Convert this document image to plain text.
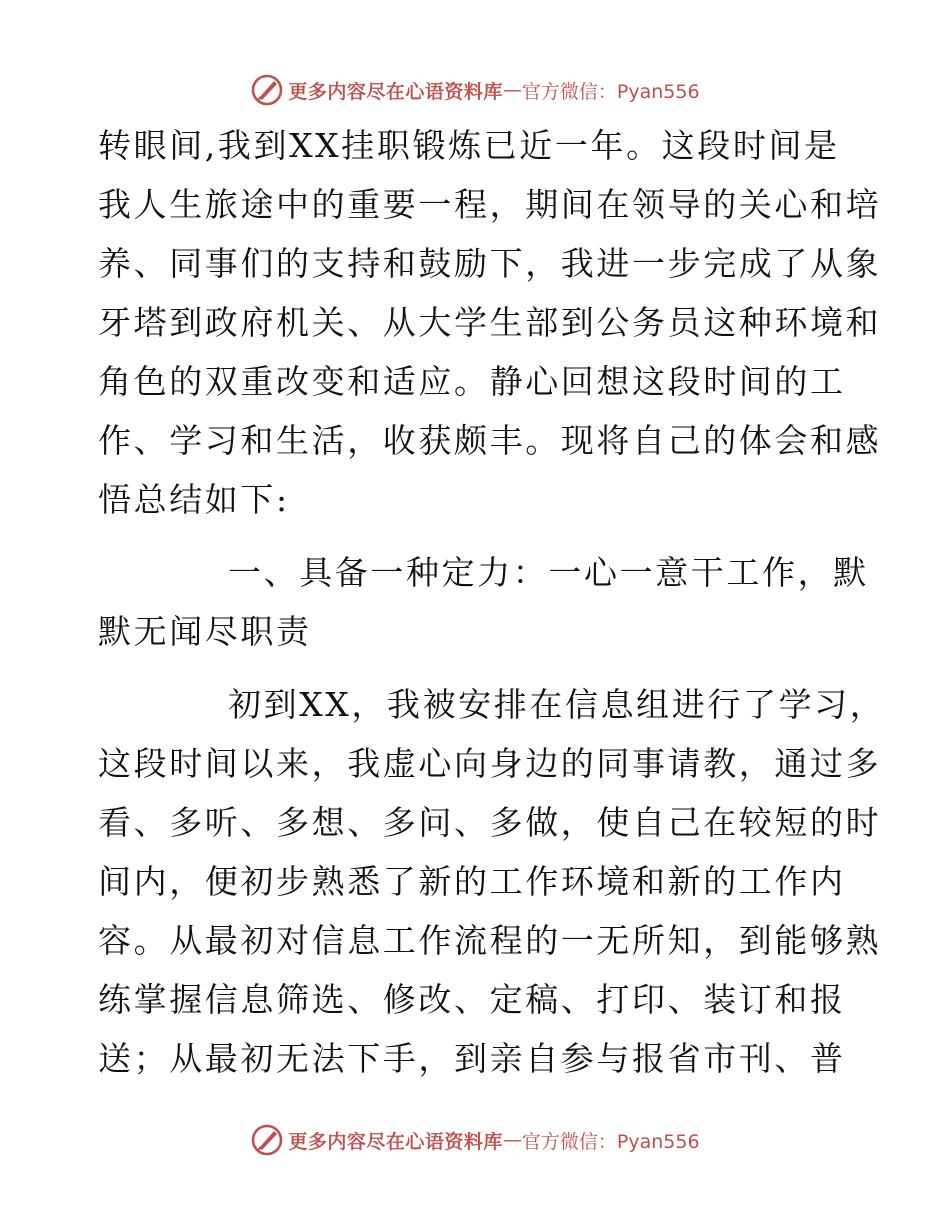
更多内容尽在心语资料库 — 官方微信：Pyan556
转眼间,我到XX挂职锻炼已近一年。这段时间是
我人生旅途中的重要一程，期间在领导的关心和培
养、同事们的支持和鼓励下，我进一步完成了从象
牙塔到政府机关、从大学生部到公务员这种环境和
角色的双重改变和适应。静心回想这段时间的工
作、学习和生活，收获颇丰。现将自己的体会和感
悟总结如下:
一、具备一种定力：一心一意干工作，默
默无闻尽职责
初到XX，我被安排在信息组进行了学习，
这段时间以来，我虚心向身边的同事请教，通过多
看、多听、多想、多问、多做，使自己在较短的时
间内，便初步熟悉了新的工作环境和新的工作内
容。从最初对信息工作流程的一无所知，到能够熟
练掌握信息筛选、修改、定稿、打印、装订和报
送；从最初无法下手，到亲自参与报省市刊、普
更多内容尽在心语资料库 — 官方微信：Pyan556
